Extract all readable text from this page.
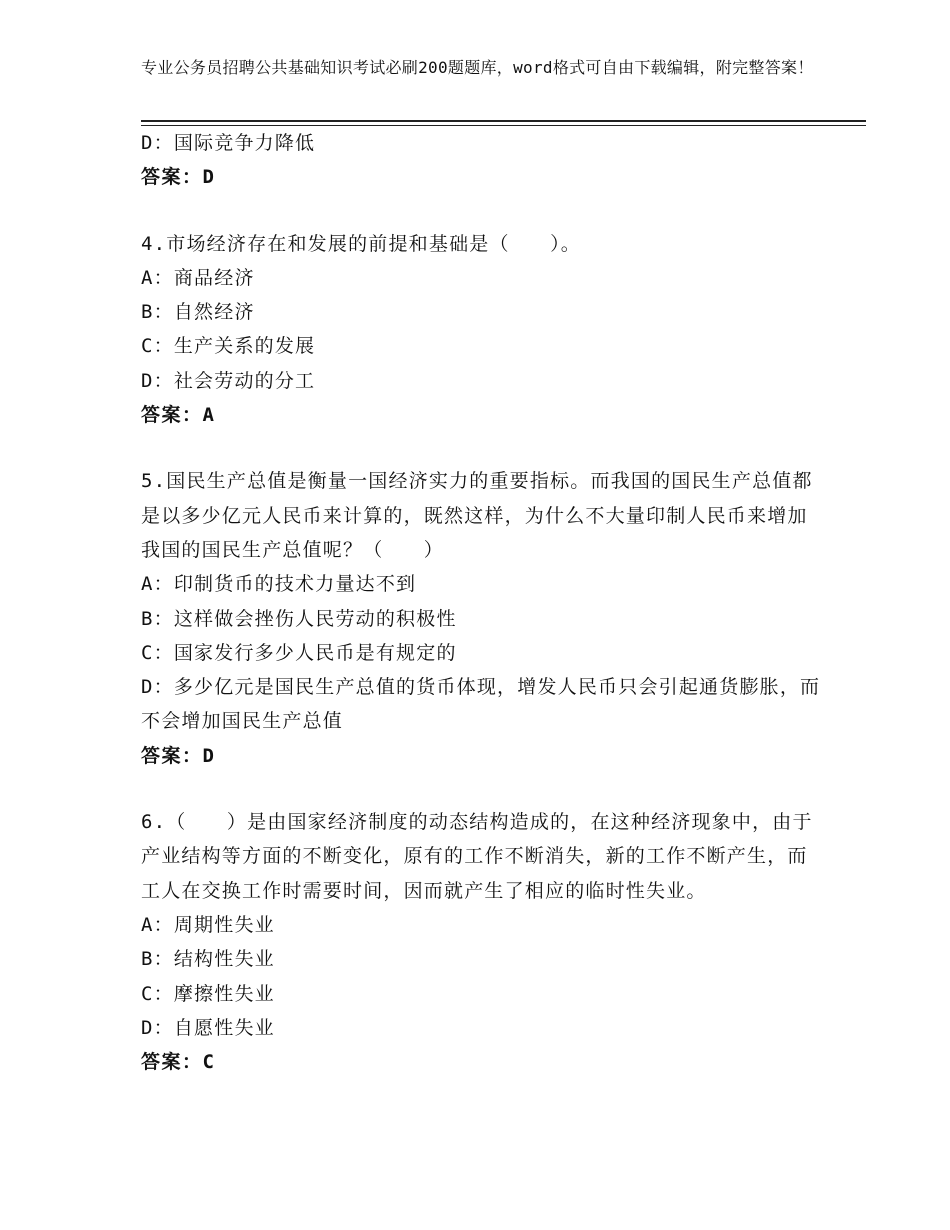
专业公务员招聘公共基础知识考试必刷200题题库，word格式可自由下载编辑，附完整答案！
D：国际竞争力降低
答案：D
4.市场经济存在和发展的前提和基础是（　　）。
A：商品经济
B：自然经济
C：生产关系的发展
D：社会劳动的分工
答案：A
5.国民生产总值是衡量一国经济实力的重要指标。而我国的国民生产总值都是以多少亿元人民币来计算的，既然这样，为什么不大量印制人民币来增加我国的国民生产总值呢？（　　）
A：印制货币的技术力量达不到
B：这样做会挫伤人民劳动的积极性
C：国家发行多少人民币是有规定的
D：多少亿元是国民生产总值的货币体现，增发人民币只会引起通货膨胀，而不会增加国民生产总值
答案：D
6.（　　）是由国家经济制度的动态结构造成的，在这种经济现象中，由于产业结构等方面的不断变化，原有的工作不断消失，新的工作不断产生，而工人在交换工作时需要时间，因而就产生了相应的临时性失业。
A：周期性失业
B：结构性失业
C：摩擦性失业
D：自愿性失业
答案：C
